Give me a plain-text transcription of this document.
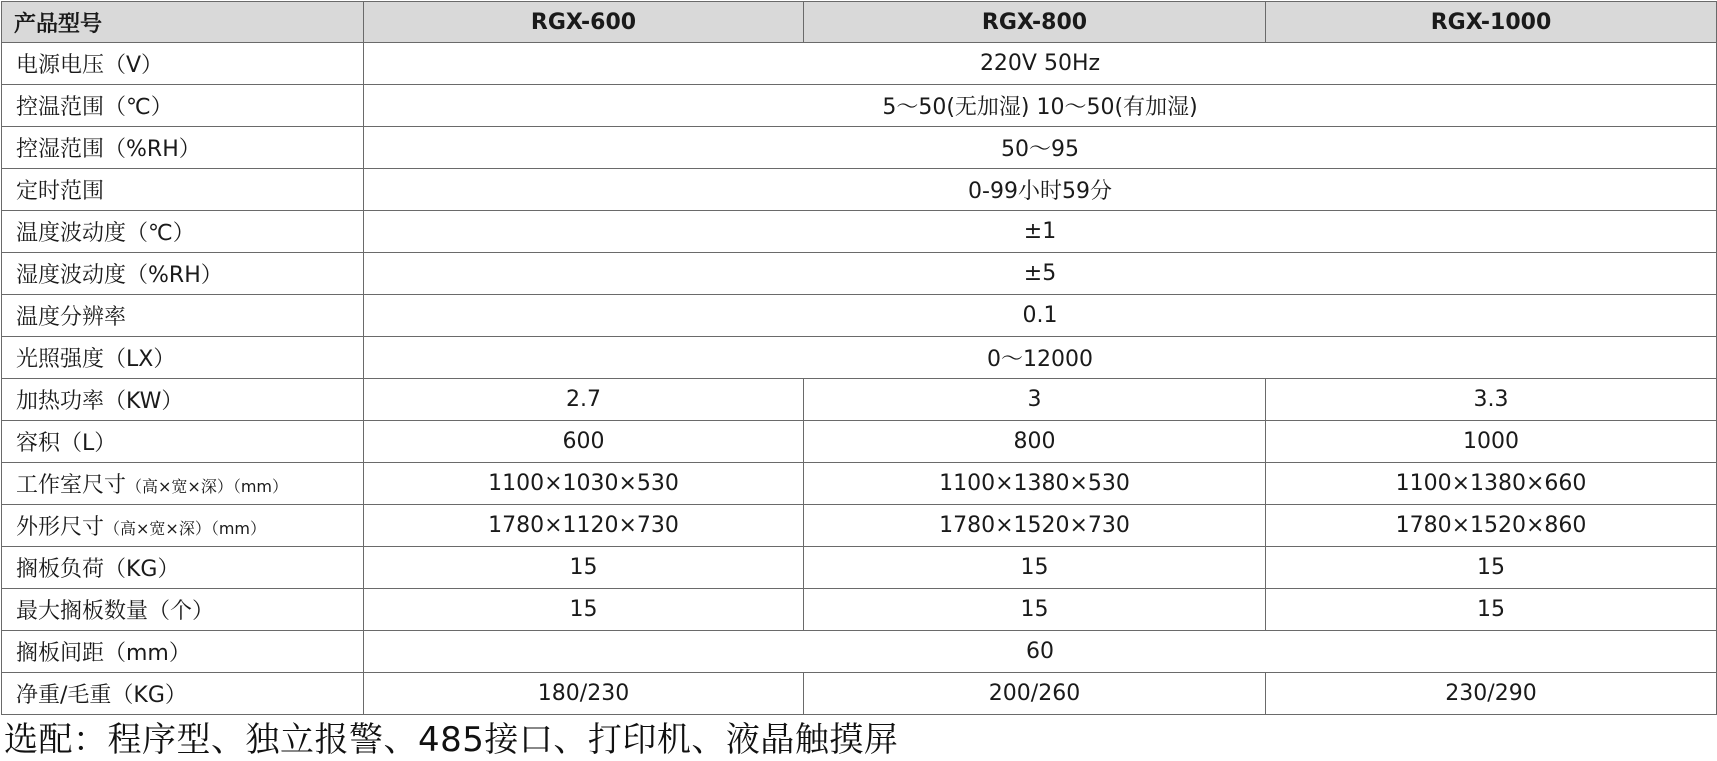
产品型号	RGX-600	RGX-800	RGX-1000
电源电压（V）	220V 50Hz		
控温范围（℃）	5～50(无加湿) 10～50(有加湿)		
控湿范围（%RH）	50～95		
定时范围	0-99小时59分		
温度波动度（℃）	±1		
湿度波动度（%RH）	±5		
温度分辨率	0.1		
光照强度（LX）	0～12000		
加热功率（KW）	2.7	3	3.3
容积（L）	600	800	1000
工作室尺寸（高×宽×深）（mm）	1100×1030×530	1100×1380×530	1100×1380×660
外形尺寸（高×宽×深）（mm）	1780×1120×730	1780×1520×730	1780×1520×860
搁板负荷（KG）	15	15	15
最大搁板数量（个）	15	15	15
搁板间距（mm）	60		
净重/毛重（KG）	180/230	200/260	230/290
选配：程序型、独立报警、485接口、打印机、液晶触摸屏
